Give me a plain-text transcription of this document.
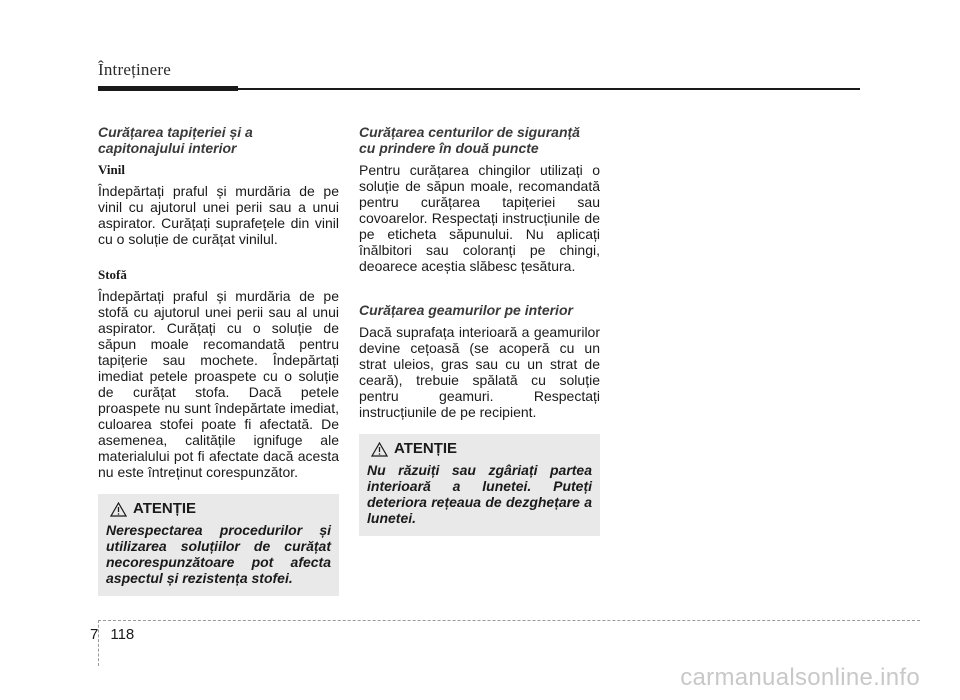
Întreținere
Curățarea tapițeriei și a capitonajului interior
Vinil

Îndepărtați praful și murdăria de pe vinil cu ajutorul unei perii sau a unui aspirator. Curățați suprafețele din vinil cu o soluție de curățat vinilul.

Stofă

Îndepărtați praful și murdăria de pe stofă cu ajutorul unei perii sau al unui aspirator. Curățați cu o soluție de săpun moale recomandată pentru tapițerie sau mochete. Îndepărtați imediat petele proaspete cu o soluție de curățat stofa. Dacă petele proaspete nu sunt îndepărtate imediat, culoarea stofei poate fi afectată. De asemenea, calitățile ignifuge ale materialului pot fi afectate dacă acesta nu este întreținut corespunzător.

ATENȚIE

Nerespectarea procedurilor și utilizarea soluțiilor de curățat necorespunzătoare pot afecta aspectul și rezistența stofei.

Curățarea centurilor de siguranță cu prindere în două puncte

Pentru curățarea chingilor utilizați o soluție de săpun moale, recomandată pentru curățarea tapițeriei sau covoarelor. Respectați instrucțiunile de pe eticheta săpunului. Nu aplicați înălbitori sau coloranți pe chingi, deoarece aceștia slăbesc țesătura.

Curățarea geamurilor pe interior

Dacă suprafața interioară a geamurilor devine cețoasă (se acoperă cu un strat uleios, gras sau cu un strat de ceară), trebuie spălată cu soluție pentru geamuri. Respectați instrucțiunile de pe recipient.

ATENȚIE

Nu răzuiți sau zgâriați partea interioară a lunetei. Puteți deteriora rețeaua de dezghețare a lunetei.

7 118
carmanualsonline.info
